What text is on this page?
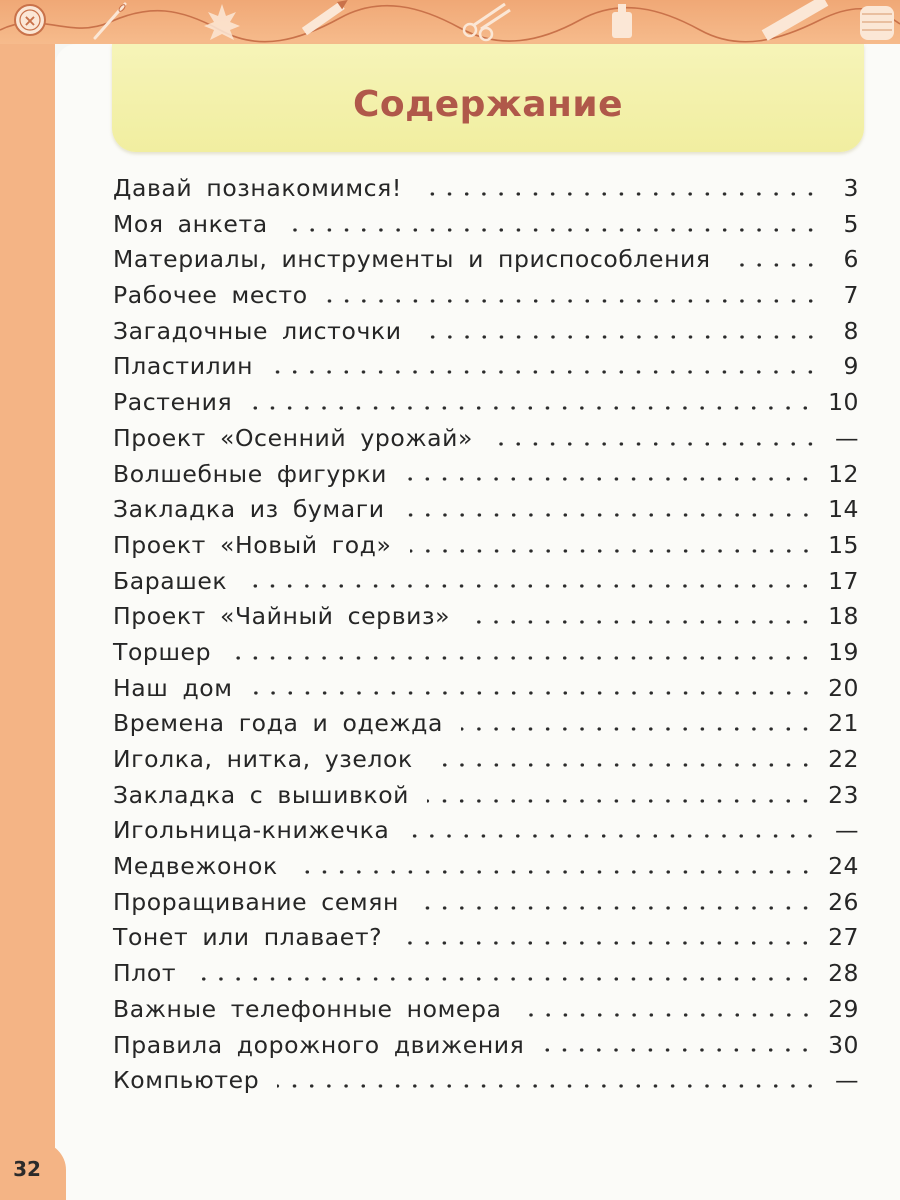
×
Содержание
Давай познакомимся!	3
Моя анкета	5
Материалы, инструменты и приспособления	6
Рабочее место	7
Загадочные листочки	8
Пластилин	9
Растения	10
Проект «Осенний урожай»	—
Волшебные фигурки	12
Закладка из бумаги	14
Проект «Новый год»	15
Барашек	17
Проект «Чайный сервиз»	18
Торшер	19
Наш дом	20
Времена года и одежда	21
Иголка, нитка, узелок	22
Закладка с вышивкой	23
Игольница-книжечка	—
Медвежонок	24
Проращивание семян	26
Тонет или плавает?	27
Плот	28
Важные телефонные номера	29
Правила дорожного движения	30
Компьютер	—
32
